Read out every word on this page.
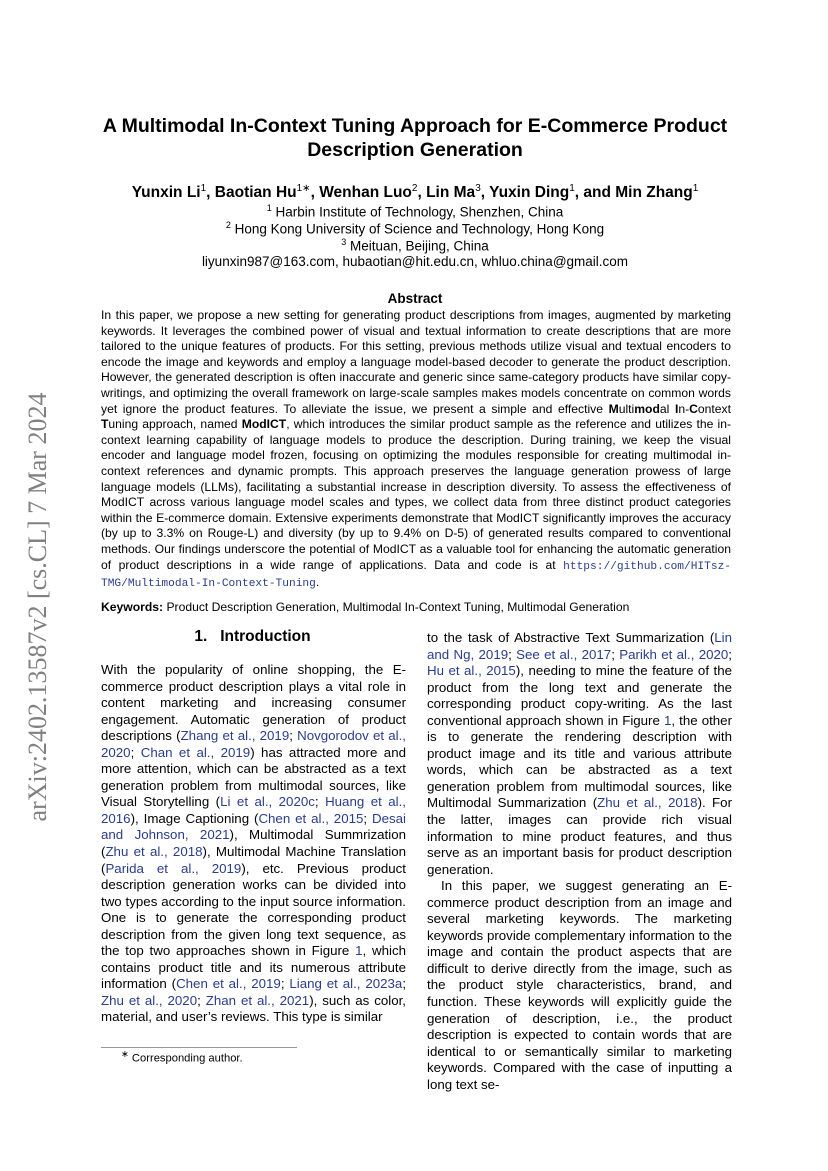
arXiv:2402.13587v2 [cs.CL] 7 Mar 2024
A Multimodal In-Context Tuning Approach for E-Commerce Product Description Generation
Yunxin Li$^1$, Baotian $Hu^{1∗}$, Wenhan Luo$^2$, Lin Ma$^3$, Yuxin Ding$^1$, and Min Zhang$^1$
$^1$ Harbin Institute of Technology, Shenzhen, China
$^2$ Hong Kong University of Science and Technology, Hong Kong
$^3$ Meituan, Beijing, China
liyunxin987@163.com, hubaotian@hit.edu.cn, whluo.china@gmail.com
Abstract
In this paper, we propose a new setting for generating product descriptions from images, augmented by marketing keywords. It leverages the combined power of visual and textual information to create descriptions that are more tailored to the unique features of products. For this setting, previous methods utilize visual and textual encoders to encode the image and keywords and employ a language model-based decoder to generate the product description. However, the generated description is often inaccurate and generic since same-category products have similar copy-writings, and optimizing the overall framework on large-scale samples makes models concentrate on common words yet ignore the product features. To alleviate the issue, we present a simple and effective Multimodal In-Context Tuning approach, named ModICT, which introduces the similar product sample as the reference and utilizes the in-context learning capability of language models to produce the description. During training, we keep the visual encoder and language model frozen, focusing on optimizing the modules responsible for creating multimodal in-context references and dynamic prompts. This approach preserves the language generation prowess of large language models (LLMs), facilitating a substantial increase in description diversity. To assess the effectiveness of ModICT across various language model scales and types, we collect data from three distinct product categories within the E-commerce domain. Extensive experiments demonstrate that ModICT significantly improves the accuracy (by up to 3.3% on Rouge-L) and diversity (by up to 9.4% on D-5) of generated results compared to conventional methods. Our findings underscore the potential of ModICT as a valuable tool for enhancing the automatic generation of product descriptions in a wide range of applications. Data and code is at https://github.com/HITsz-TMG/Multimodal-In-Context-Tuning.
Keywords: Product Description Generation, Multimodal In-Context Tuning, Multimodal Generation
1. Introduction

With the popularity of online shopping, the E-commerce product description plays a vital role in content marketing and increasing consumer engagement. Automatic generation of product descriptions (Zhang et al., 2019; Novgorodov et al., 2020; Chan et al., 2019) has attracted more and more attention, which can be abstracted as a text generation problem from multimodal sources, like Visual Storytelling (Li et al., 2020c; Huang et al., 2016), Image Captioning (Chen et al., 2015; Desai and Johnson, 2021), Multimodal Summrization (Zhu et al., 2018), Multimodal Machine Translation (Parida et al., 2019), etc. Previous product description generation works can be divided into two types according to the input source information. One is to generate the corresponding product description from the given long text sequence, as the top two approaches shown in Figure 1, which contains product title and its numerous attribute information (Chen et al., 2019; Liang et al., 2023a; Zhu et al., 2020; Zhan et al., 2021), such as color, material, and user’s reviews. This type is similar

to the task of Abstractive Text Summarization (Lin and Ng, 2019; See et al., 2017; Parikh et al., 2020; Hu et al., 2015), needing to mine the feature of the product from the long text and generate the corresponding product copy-writing. As the last conventional approach shown in Figure 1, the other is to generate the rendering description with product image and its title and various attribute words, which can be abstracted as a text generation problem from multimodal sources, like Multimodal Summarization (Zhu et al., 2018). For the latter, images can provide rich visual information to mine product features, and thus serve as an important basis for product description generation.

In this paper, we suggest generating an E-commerce product description from an image and several marketing keywords. The marketing keywords provide complementary information to the image and contain the product aspects that are difficult to derive directly from the image, such as the product style characteristics, brand, and function. These keywords will explicitly guide the generation of description, i.e., the product description is expected to contain words that are identical to or semantically similar to marketing keywords. Compared with the case of inputting a long text se-

∗ Corresponding author.
